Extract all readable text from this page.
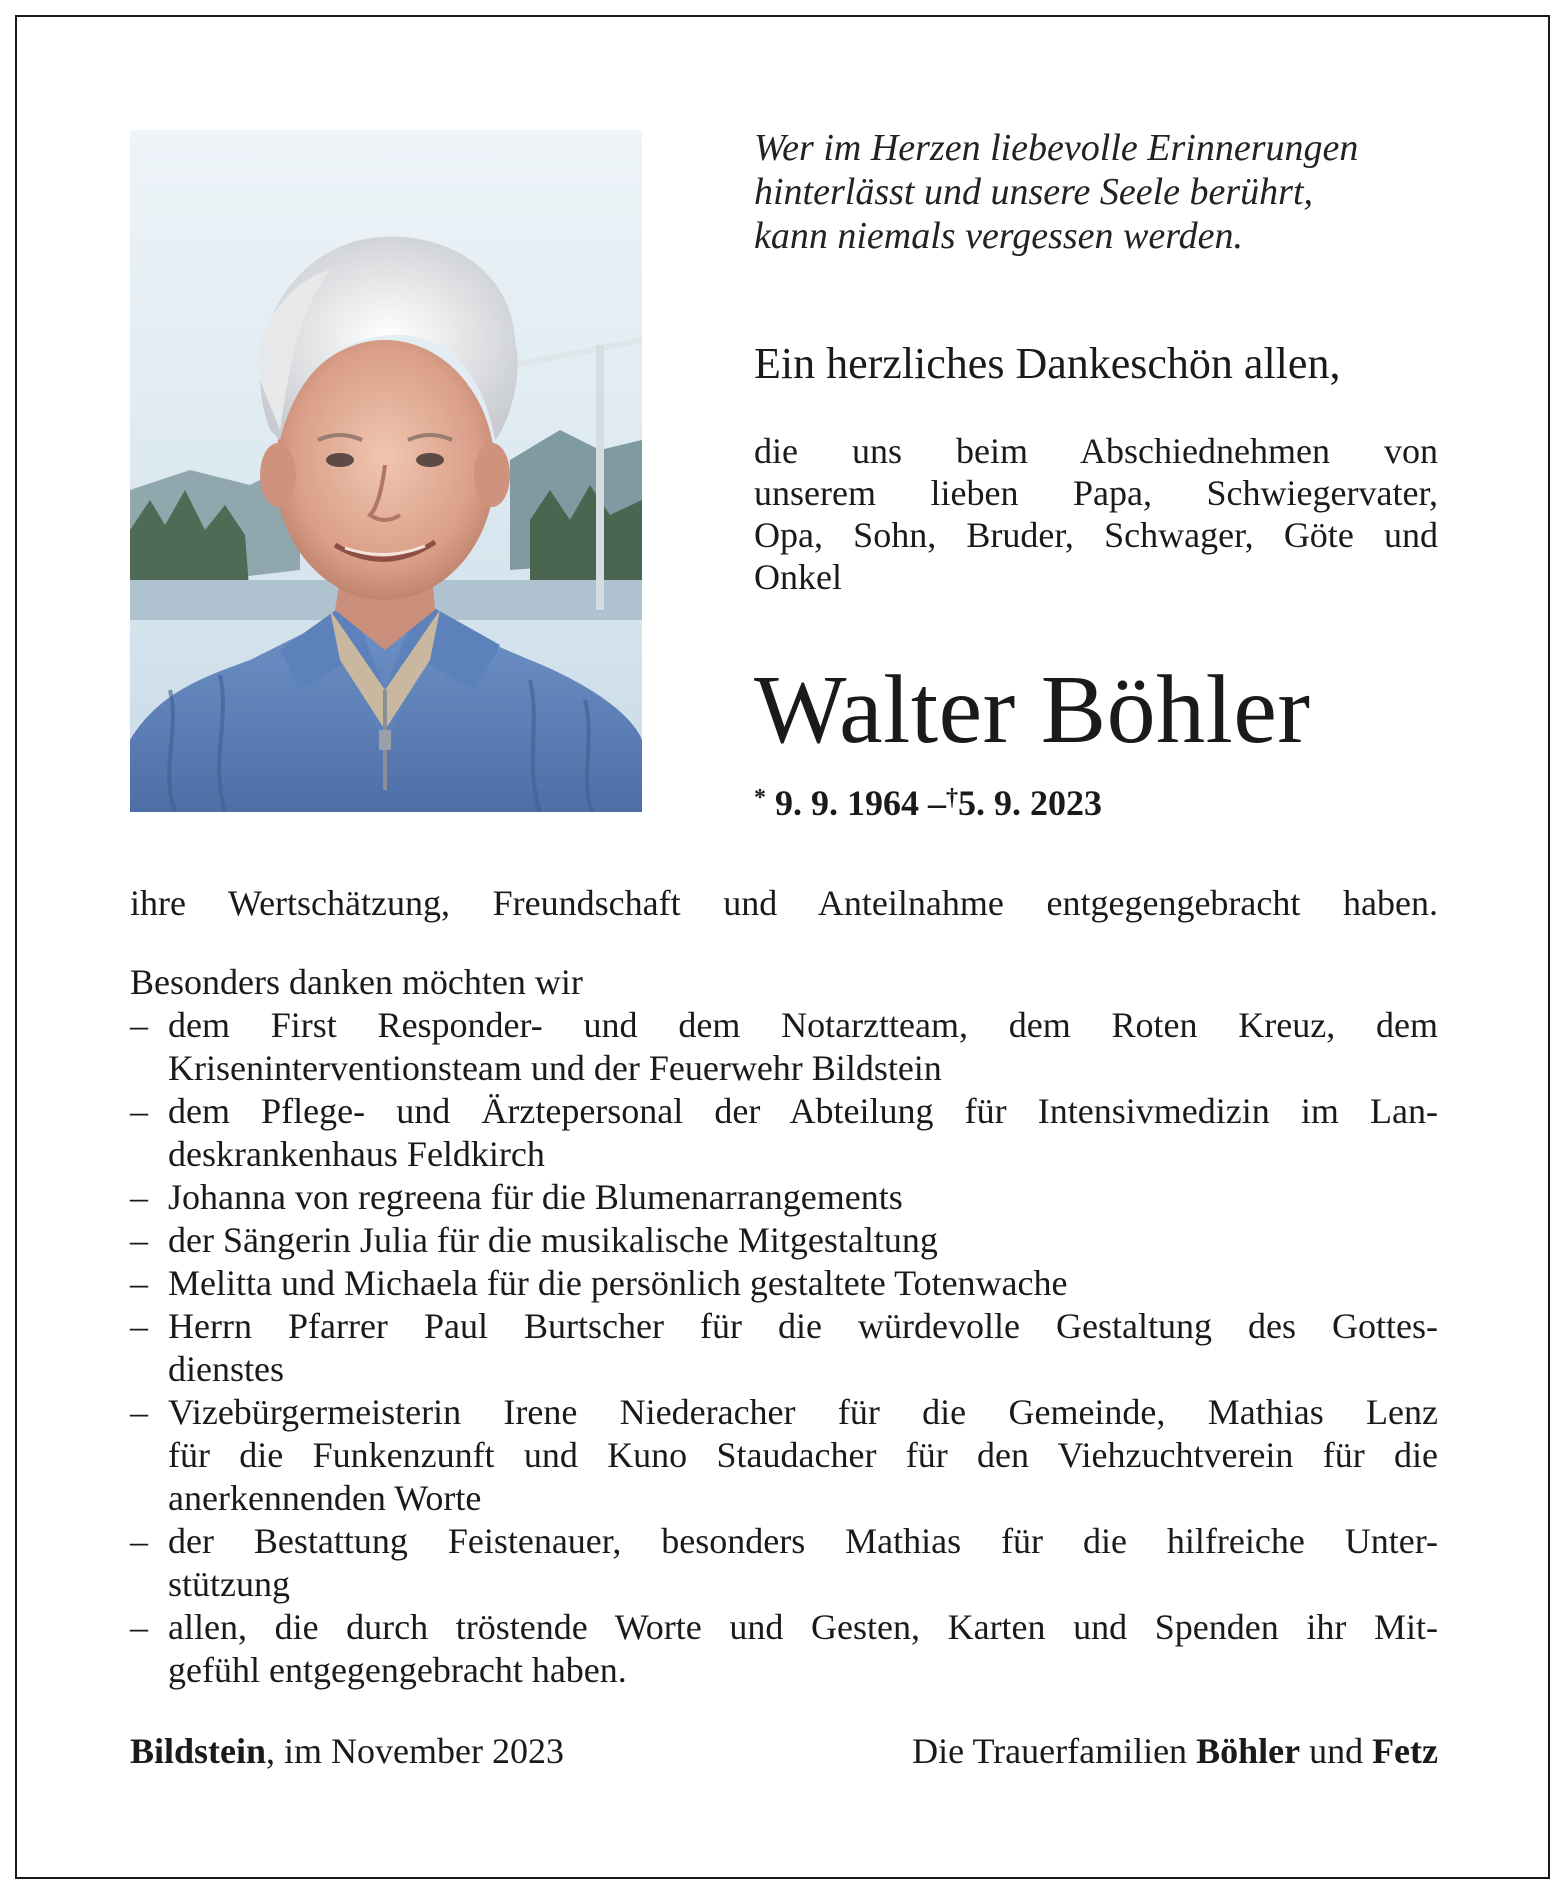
Wer im Herzen liebevolle Erinnerungen
hinterlässt und unsere Seele berührt,
kann niemals vergessen werden.
Ein herzliches Dankeschön allen,
die uns beim Abschiednehmen von
unserem lieben Papa, Schwiegervater,
Opa, Sohn, Bruder, Schwager, Göte und
Onkel
Walter Böhler
* 9. 9. 1964 –†5. 9. 2023
ihre Wertschätzung, Freundschaft und Anteilnahme entgegengebracht haben.
Besonders danken möchten wir
– dem First Responder- und dem Notarztteam, dem Roten Kreuz, dem
Kriseninterventionsteam und der Feuerwehr Bildstein
– dem Pflege- und Ärztepersonal der Abteilung für Intensivmedizin im Lan-
deskrankenhaus Feldkirch
– Johanna von regreena für die Blumenarrangements
– der Sängerin Julia für die musikalische Mitgestaltung
– Melitta und Michaela für die persönlich gestaltete Totenwache
– Herrn Pfarrer Paul Burtscher für die würdevolle Gestaltung des Gottes-
dienstes
– Vizebürgermeisterin Irene Niederacher für die Gemeinde, Mathias Lenz
für die Funkenzunft und Kuno Staudacher für den Viehzuchtverein für die
anerkennenden Worte
– der Bestattung Feistenauer, besonders Mathias für die hilfreiche Unter-
stützung
– allen, die durch tröstende Worte und Gesten, Karten und Spenden ihr Mit-
gefühl entgegengebracht haben.
Bildstein, im November 2023	Die Trauerfamilien Böhler und Fetz
